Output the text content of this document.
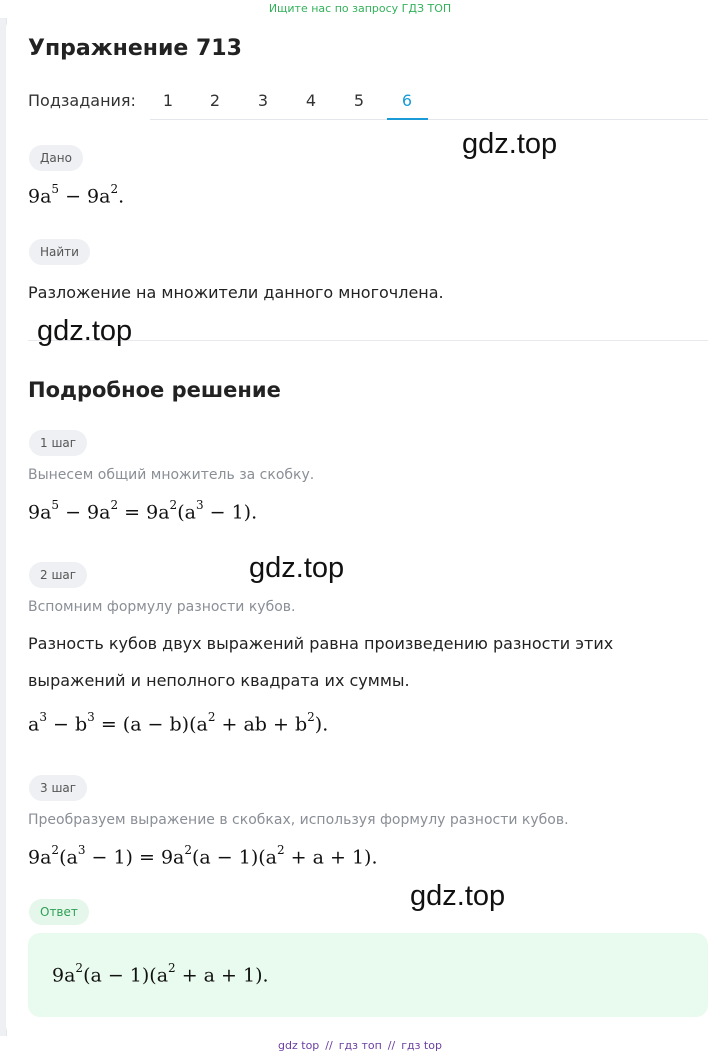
Ищите нас по запросу ГДЗ ТОП
Упражнение 713
Подзадания:	1	2	3	4	5	6
Дано
$9a^5 - 9a^2$.
Найти
Разложение на множители данного многочлена.
Подробное решение
1 шаг
Вынесем общий множитель за скобку.
$9a^5 - 9a^2 = 9a^2(a^3 - 1)$.
2 шаг
Вспомним формулу разности кубов.
Разность кубов двух выражений равна произведению разности этих
выражений и неполного квадрата их суммы.
$a^3 - b^3 = (a - b)(a^2$ + ab + $b^2$).
3 шаг
Преобразуем выражение в скобках, используя формулу разности кубов.
$9a^2(a^3 - 1) = 9a^2(a - 1)(a^2 + a + 1)$.
Ответ
$9a^2(a - 1)(a^2 + a + 1)$.
gdz.top
gdz.top
gdz.top
gdz.top
gdz top // гдз топ // гдз top
